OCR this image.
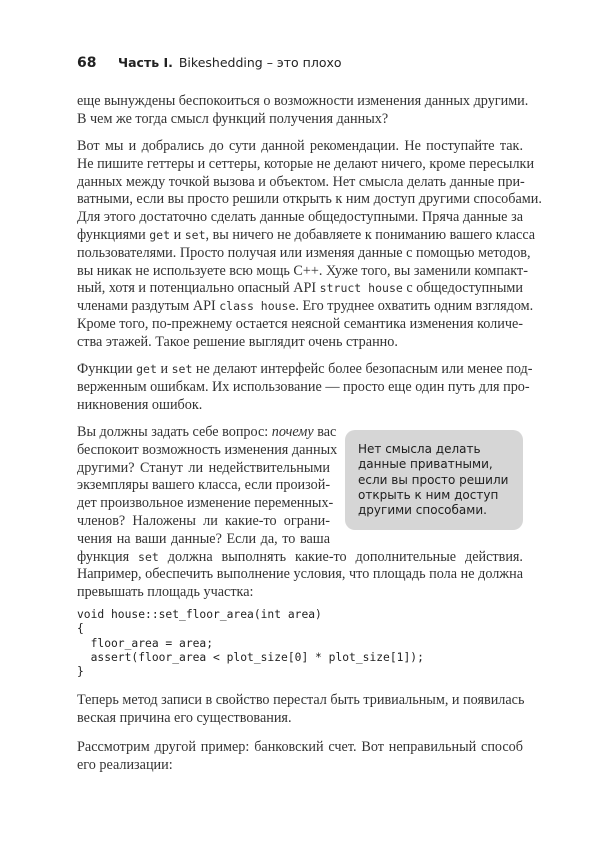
68 Часть I. Bikeshedding – это плохо
еще вынуждены беспокоиться о возможности изменения данных другими.
В чем же тогда смысл функций получения данных?
Вот мы и добрались до сути данной рекомендации. Не поступайте так.
Не пишите геттеры и сеттеры, которые не делают ничего, кроме пересылки
данных между точкой вызова и объектом. Нет смысла делать данные при-
ватными, если вы просто решили открыть к ним доступ другими способами.
Для этого достаточно сделать данные общедоступными. Пряча данные за
функциями get и set, вы ничего не добавляете к пониманию вашего класса
пользователями. Просто получая или изменяя данные с помощью методов,
вы никак не используете всю мощь C++. Хуже того, вы заменили компакт-
ный, хотя и потенциально опасный API struct house с общедоступными
членами раздутым API class house. Его труднее охватить одним взглядом.
Кроме того, по-прежнему остается неясной семантика изменения количе-
ства этажей. Такое решение выглядит очень странно.
Функции get и set не делают интерфейс более безопасным или менее под-
верженным ошибкам. Их использование — просто еще один путь для про-
никновения ошибок.
Вы должны задать себе вопрос: почему вас
беспокоит возможность изменения данных
другими? Станут ли недействительными
экземпляры вашего класса, если произой-
дет произвольное изменение переменных-
членов? Наложены ли какие-то ограни-
чения на ваши данные? Если да, то ваша
функция set должна выполнять какие-то дополнительные действия.
Например, обеспечить выполнение условия, что площадь пола не должна
превышать площадь участка:
Теперь метод записи в свойство перестал быть тривиальным, и появилась
веская причина его существования.
Рассмотрим другой пример: банковский счет. Вот неправильный способ
его реализации:
void house::set_floor_area(int area)
{
floor_area = area;
assert(floor_area < plot_size[0] * plot_size[1]);
}
Нет смысла делать
данные приватными,
если вы просто решили
открыть к ним доступ
другими способами.
